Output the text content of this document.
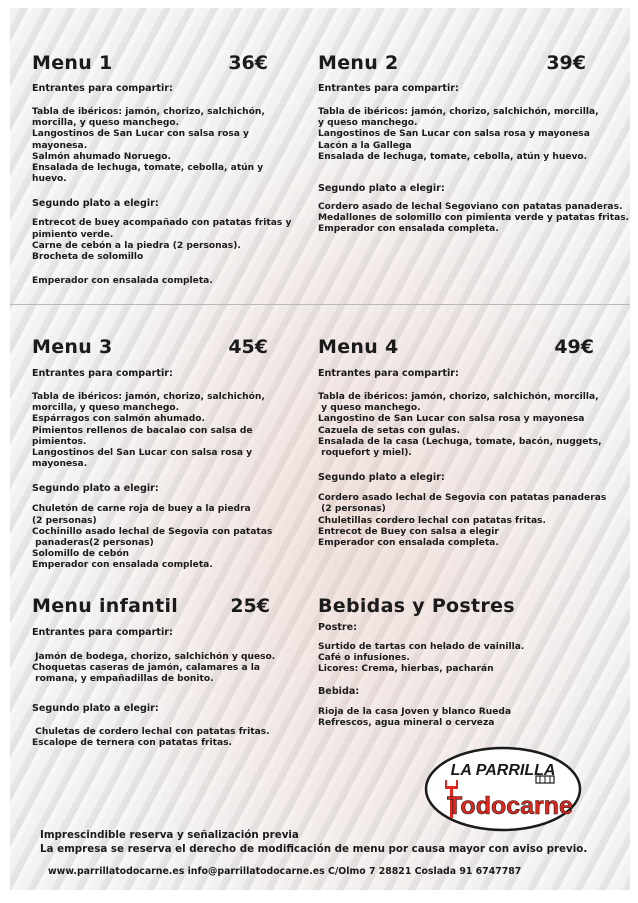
Menu 1	36€
Entrantes para compartir:
Tabla de ibéricos: jamón, chorizo, salchichón,
morcilla, y queso manchego.
Langostinos de San Lucar con salsa rosa y
mayonesa.
Salmón ahumado Noruego.
Ensalada de lechuga, tomate, cebolla, atún y
huevo.
Segundo plato a elegir:
Entrecot de buey acompañado con patatas fritas y
pimiento verde.
Carne de cebón a la piedra (2 personas).
Brocheta de solomillo
Emperador con ensalada completa.
Menu 2	39€
Entrantes para compartir:
Tabla de ibéricos: jamón, chorizo, salchichón, morcilla,
y queso manchego.
Langostinos de San Lucar con salsa rosa y mayonesa
Lacón a la Gallega
Ensalada de lechuga, tomate, cebolla, atún y huevo.
Segundo plato a elegir:
Cordero asado de lechal Segoviano con patatas panaderas.
Medallones de solomillo con pimienta verde y patatas fritas.
Emperador con ensalada completa.
Menu 3	45€
Entrantes para compartir:
Tabla de ibéricos: jamón, chorizo, salchichón,
morcilla, y queso manchego.
Espárragos con salmón ahumado.
Pimientos rellenos de bacalao con salsa de
pimientos.
Langostinos del San Lucar con salsa rosa y
mayonesa.
Segundo plato a elegir:
Chuletón de carne roja de buey a la piedra
(2 personas)
Cochinillo asado lechal de Segovia con patatas
panaderas(2 personas)
Solomillo de cebón
Emperador con ensalada completa.
Menu 4	49€
Entrantes para compartir:
Tabla de ibéricos: jamón, chorizo, salchichón, morcilla,
y queso manchego.
Langostino de San Lucar con salsa rosa y mayonesa
Cazuela de setas con gulas.
Ensalada de la casa (Lechuga, tomate, bacón, nuggets,
roquefort y miel).
Segundo plato a elegir:
Cordero asado lechal de Segovia con patatas panaderas
(2 personas)
Chuletillas cordero lechal con patatas fritas.
Entrecot de Buey con salsa a elegir
Emperador con ensalada completa.
Menu infantil	25€
Entrantes para compartir:
Jamón de bodega, chorizo, salchichón y queso.
Choquetas caseras de jamón, calamares a la
romana, y empañadillas de bonito.
Segundo plato a elegir:
Chuletas de cordero lechal con patatas fritas.
Escalope de ternera con patatas fritas.
Bebidas y Postres
Postre:
Surtido de tartas con helado de vainilla.
Café o infusiones.
Licores: Crema, hierbas, pacharán
Bebida:
Rioja de la casa Joven y blanco Rueda
Refrescos, agua mineral o cerveza
LA PARRILLA
Todocarne
Imprescindible reserva y señalización previa
La empresa se reserva el derecho de modificación de menu por causa mayor con aviso previo.
www.parrillatodocarne.es info@parrillatodocarne.es C/Olmo 7 28821 Coslada 91 6747787
